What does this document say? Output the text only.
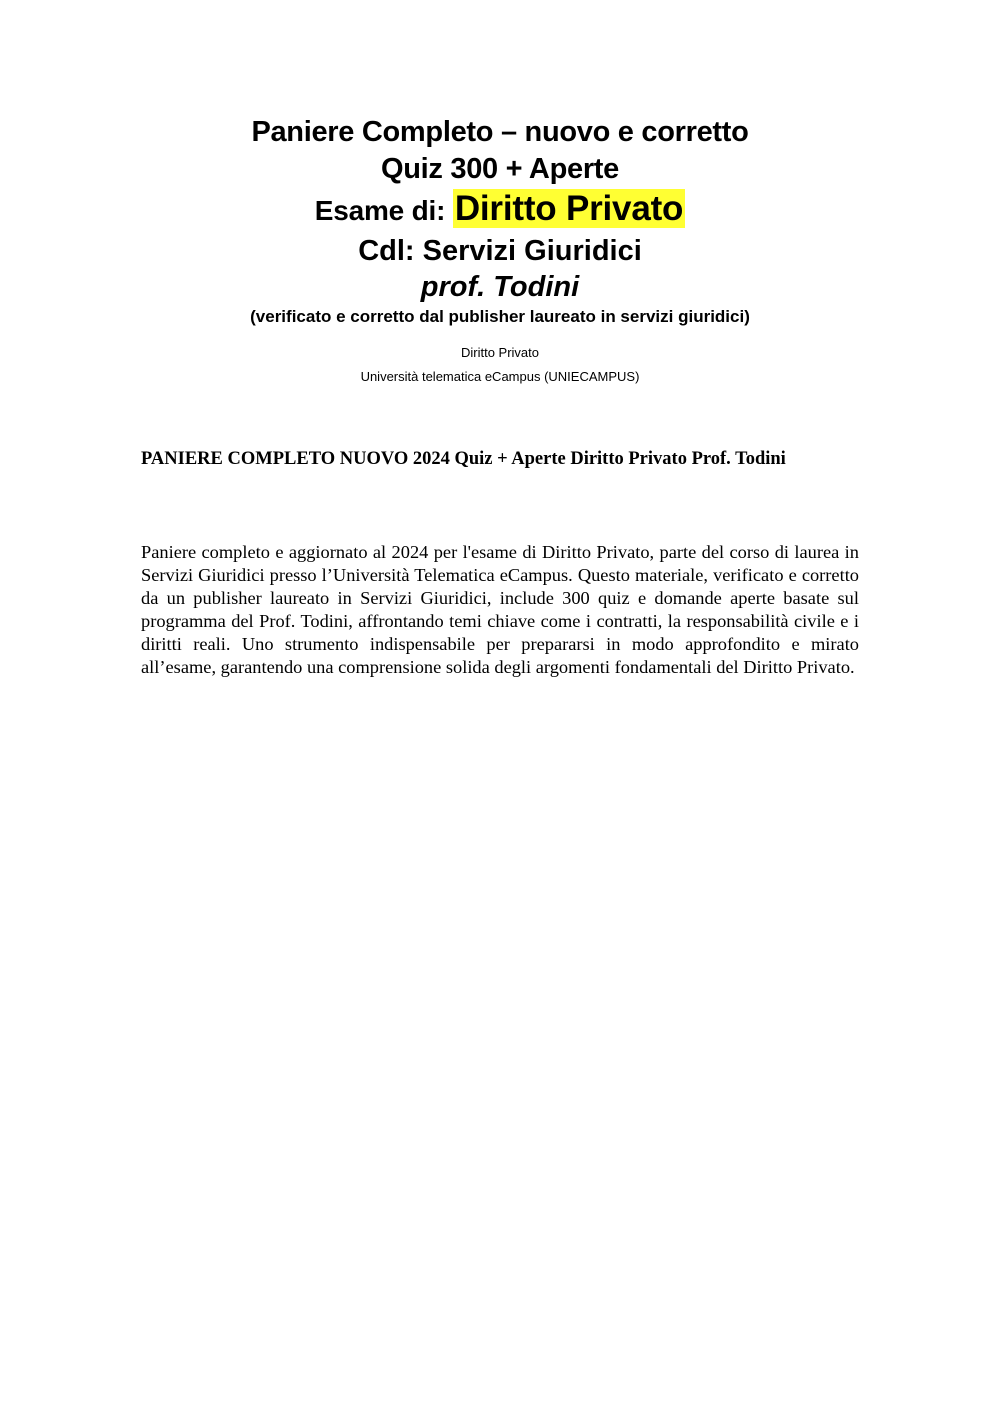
Paniere Completo – nuovo e corretto
Quiz 300 + Aperte
Esame di: Diritto Privato
Cdl: Servizi Giuridici
prof. Todini
(verificato e corretto dal publisher laureato in servizi giuridici)
Diritto Privato
Università telematica eCampus (UNIECAMPUS)
PANIERE COMPLETO NUOVO 2024 Quiz + Aperte Diritto Privato Prof. Todini

Paniere completo e aggiornato al 2024 per l'esame di Diritto Privato, parte del corso di laurea in Servizi Giuridici presso l’Università Telematica eCampus. Questo materiale, verificato e corretto da un publisher laureato in Servizi Giuridici, include 300 quiz e domande aperte basate sul programma del Prof. Todini, affrontando temi chiave come i contratti, la responsabilità civile e i diritti reali. Uno strumento indispensabile per prepararsi in modo approfondito e mirato all’esame, garantendo una comprensione solida degli argomenti fondamentali del Diritto Privato.
